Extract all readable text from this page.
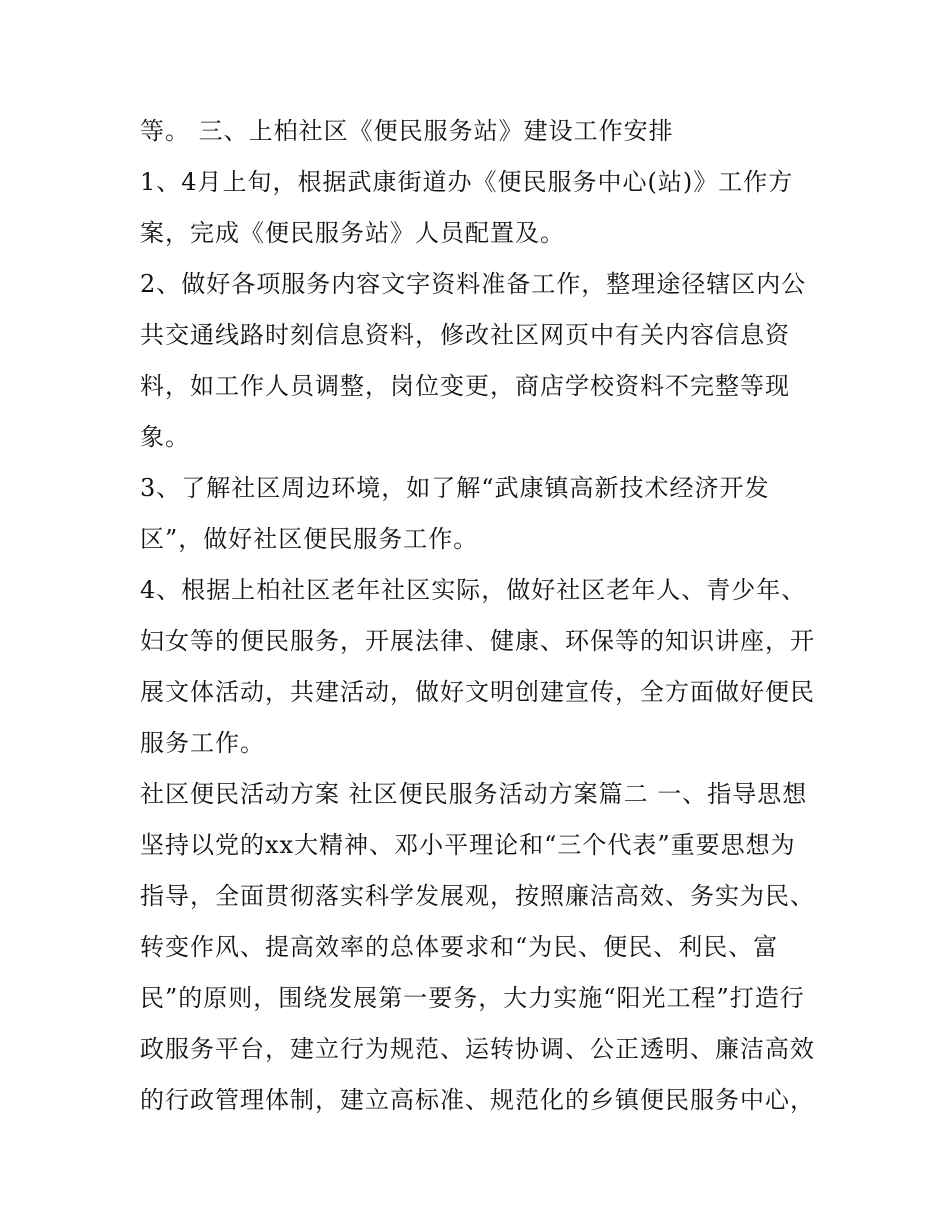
等。 三、上柏社区《便民服务站》建设工作安排
1、4月上旬，根据武康街道办《便民服务中心(站)》工作方
案，完成《便民服务站》人员配置及。
2、做好各项服务内容文字资料准备工作，整理途径辖区内公
共交通线路时刻信息资料，修改社区网页中有关内容信息资
料，如工作人员调整，岗位变更，商店学校资料不完整等现
象。
3、了解社区周边环境，如了解“武康镇高新技术经济开发
区”，做好社区便民服务工作。
4、根据上柏社区老年社区实际，做好社区老年人、青少年、
妇女等的便民服务，开展法律、健康、环保等的知识讲座，开
展文体活动，共建活动，做好文明创建宣传，全方面做好便民
服务工作。
社区便民活动方案 社区便民服务活动方案篇二 一、指导思想
坚持以党的xx大精神、邓小平理论和“三个代表”重要思想为
指导，全面贯彻落实科学发展观，按照廉洁高效、务实为民、
转变作风、提高效率的总体要求和“为民、便民、利民、富
民”的原则，围绕发展第一要务，大力实施“阳光工程”打造行
政服务平台，建立行为规范、运转协调、公正透明、廉洁高效
的行政管理体制，建立高标准、规范化的乡镇便民服务中心，
